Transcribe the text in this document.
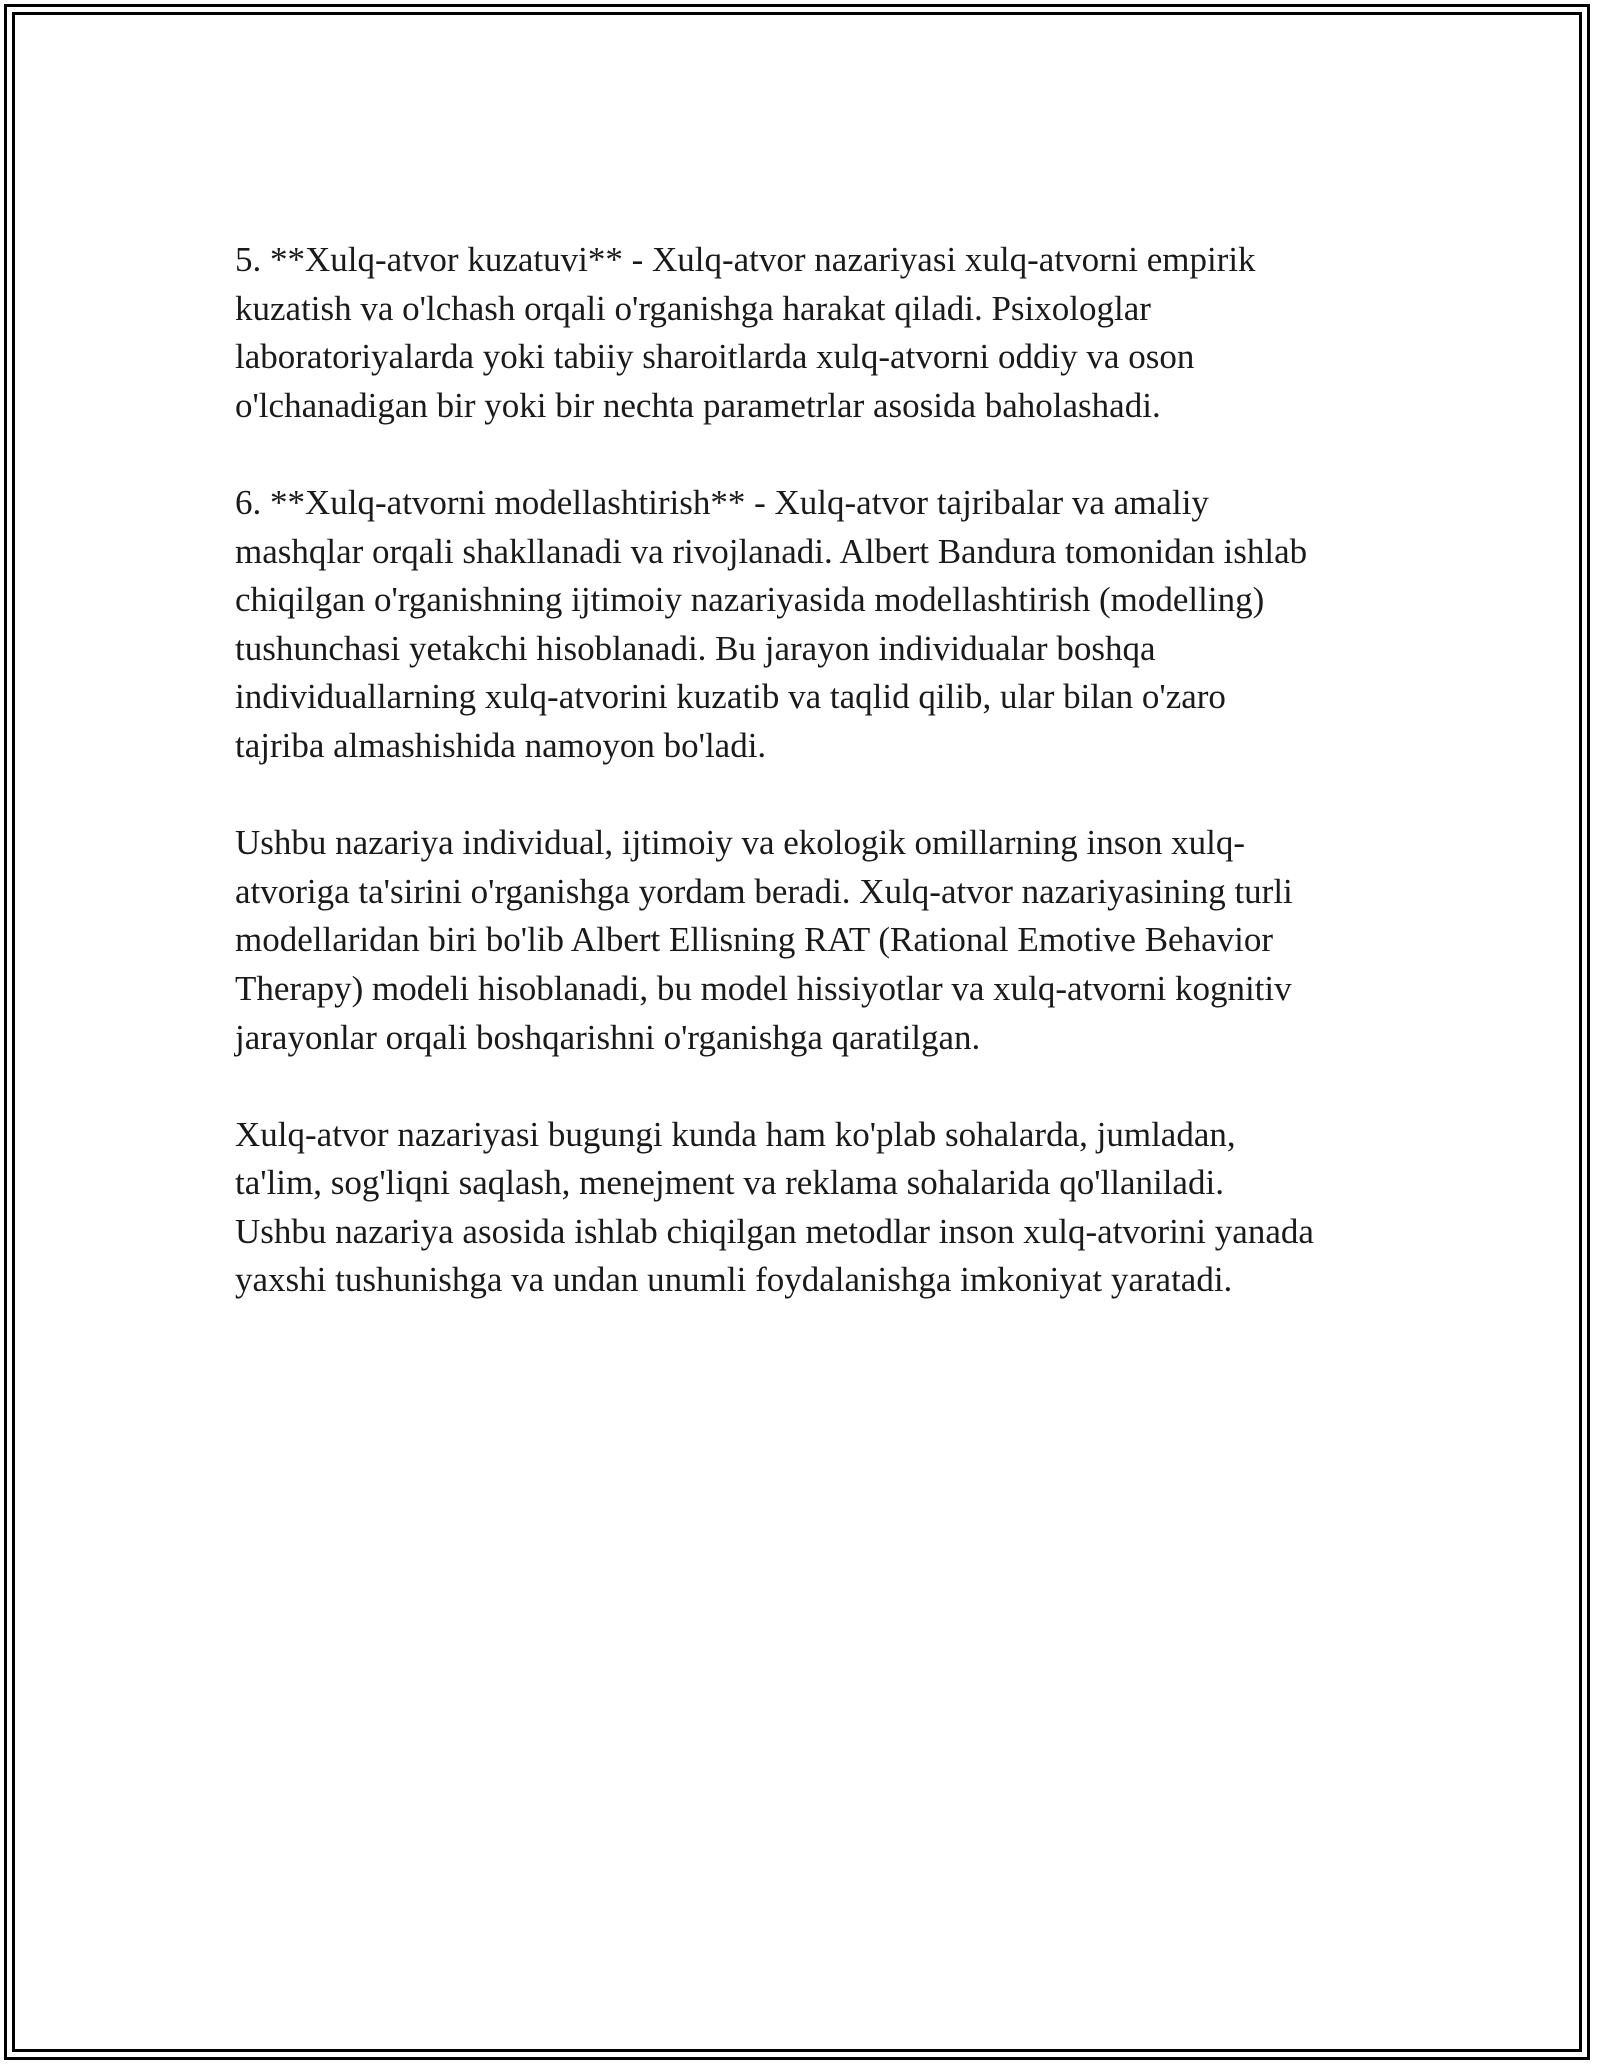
5. **Xulq-atvor kuzatuvi** - Xulq-atvor nazariyasi xulq-atvorni empirik
kuzatish va o'lchash orqali o'rganishga harakat qiladi. Psixologlar
laboratoriyalarda yoki tabiiy sharoitlarda xulq-atvorni oddiy va oson
o'lchanadigan bir yoki bir nechta parametrlar asosida baholashadi.

6. **Xulq-atvorni modellashtirish** - Xulq-atvor tajribalar va amaliy
mashqlar orqali shakllanadi va rivojlanadi. Albert Bandura tomonidan ishlab
chiqilgan o'rganishning ijtimoiy nazariyasida modellashtirish (modelling)
tushunchasi yetakchi hisoblanadi. Bu jarayon individualar boshqa
individuallarning xulq-atvorini kuzatib va taqlid qilib, ular bilan o'zaro
tajriba almashishida namoyon bo'ladi.

Ushbu nazariya individual, ijtimoiy va ekologik omillarning inson xulq-
atvoriga ta'sirini o'rganishga yordam beradi. Xulq-atvor nazariyasining turli
modellaridan biri bo'lib Albert Ellisning RAT (Rational Emotive Behavior
Therapy) modeli hisoblanadi, bu model hissiyotlar va xulq-atvorni kognitiv
jarayonlar orqali boshqarishni o'rganishga qaratilgan.

Xulq-atvor nazariyasi bugungi kunda ham ko'plab sohalarda, jumladan,
ta'lim, sog'liqni saqlash, menejment va reklama sohalarida qo'llaniladi.
Ushbu nazariya asosida ishlab chiqilgan metodlar inson xulq-atvorini yanada
yaxshi tushunishga va undan unumli foydalanishga imkoniyat yaratadi.
